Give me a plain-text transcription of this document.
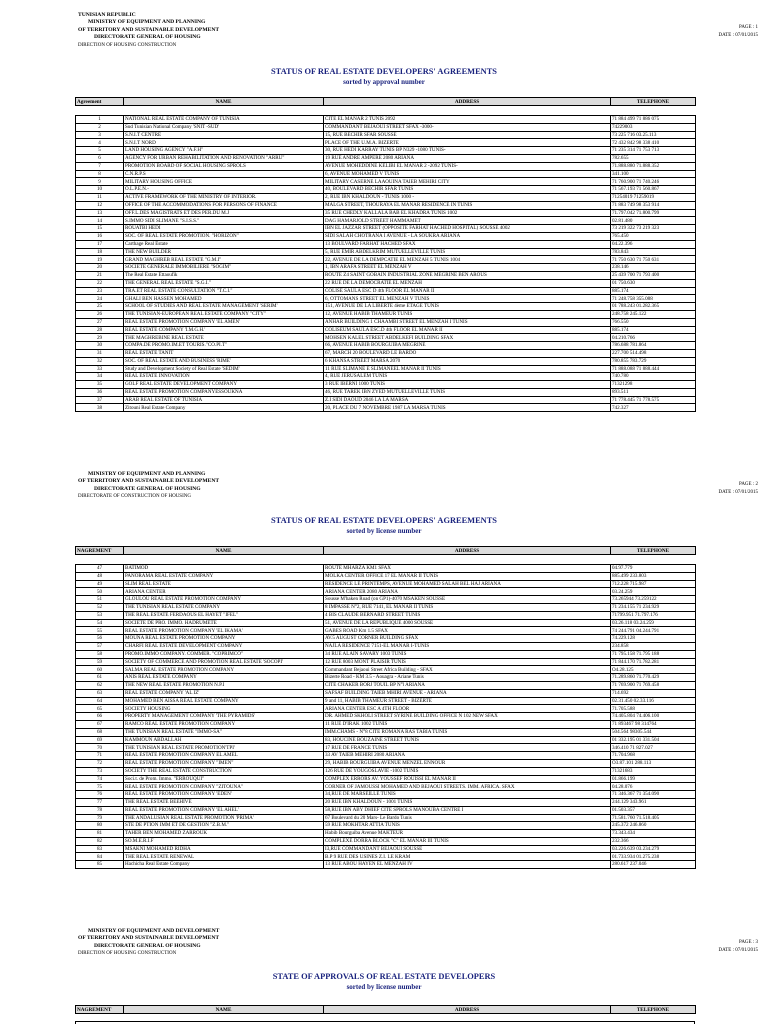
TUNISIAN REPUBLIC
MINISTRY OF EQUIPMENT AND PLANNING
OF TERRITORY AND SUSTAINABLE DEVELOPMENT
DIRECTORATE GENERAL OF HOUSING
DIRECTION OF HOUSING CONSTRUCTION
PAGE : 1
DATE : 07/01/2015
STATUS OF REAL ESTATE DEVELOPERS' AGREEMENTS
sorted by approval number
Agreement	NAME	ADDRESS	TELEPHONE
1	NATIONAL REAL ESTATE COMPANY OF TUNISIA	CITE EL MANAR 2 TUNIS 2092	71 884 499 71 886 075
2	Sud Tunisian National Company 'SNIT -SUD'	COMMANDANT BEJAOUI STREET SFAX -3000-	74229003
3	S.N.I.T CENTRE	15, RUE BECHIR SFAR SOUSSE	73 225 716 03.25.113
4	S.N.I.T NORD	PLACE OF THE U.M.A. BIZERTE	72 432 842 98 338 410
5	LAND HOUSING AGENCY "A.F.H"	30, RUE HEDI KARRAY TUNIS BP N329 -1080 TUNIS-	71 235 314 71 753 713
6	AGENCY FOR URBAN REHABILITATION AND RENOVATION "ARRU"	19 RUE ANDRE AMPERE 2080 ARIANA	782.655
7	PROMOTION BOARD OF SOCIAL HOUSING SPROLS	AVENUE MOHEDDINE KELIBI EL MANAR 2 -2092 TUNIS-	71.888.880 71.888.352
8	C.N.R.P.S	6, AVENUE MOHAMED V TUNIS	341.100
9	MILITARY HOUSING OFFICE	MILITARY CASERNE LAAOUINA TAIEB MEHIRI CITY	71 760.900 71 740.246
10	O.L.P.E.N.-	40, BOULEVARD BECHIR SFAR TUNIS	71 567.193 71 560.867
11	ACTIVE FRAMEWORK OF THE MINISTRY OF INTERIOR.	2, RUE IBN KHALDOUN - TUNIS 1000 -	71254019 71259019
12	OFFICE OF THE ACCOMMODATIONS FOR PERSONS OF FINANCE	MALGA STREET, THOURAYA EL MANAR RESIDENCE IN TUNIS	71 883 749 98 353 914
13	OFF.L.DES MAGISTRATS ET DES PER.DU M.J	35 RUE CHEDLY KALLALA BAB EL KHADRA TUNIS 1002	71.797.042 71.800.799
14	S.IMMO SIDI SLIMANE "S.I.S.S."	DAG HAMARJOLD STREET HAMMAMET	02.81.480
15	ROUATBI HEDI	IBN EL JAZZAR STREET (OPPOSITE FARHAT HACHED HOSPITAL) SOUSSE 4002	73 219 322 73 219 323
16	SOC. OF REAL ESTATE PROMOTION. "HORIZON"	SIDI SALAH CHOTRANA I AVENUE - LA SOUKRA ARIANA	765.450
17	Carthage Real Estate	13 BOULVARD FARHAT HACHED SFAX	04.22.396
18	THE NEW BUILDER	5, RUE EMIR ABDELKRIM MUTUELLEVILLE TUNIS	783.843
19	GRAND MAGHREB REAL ESTATE "G.M.I"	22, AVENUE DE LA DEMPCATIE EL MENZAH 5 TUNIS 1004	71 750 630 71 750 631
20	SOCIETE GENERALE IMMOBILIERE "SOGIM"	1, IBN ARAFA STREET EL MENZAH V	238.146
21	The Real Estate Ettaoufik	ROUTE Z4 SAINT GOBAIN INDUSTRIAL ZONE MEGRINE BEN AROUS	25 439 700 71 793 400
22	THE GENERAL REAL ESTATE "S.G.I."	22 RUE DE LA DEMOCRATIE EL MENZAH	01 750.630
23	TRA.ET REAL ESTATE CONSULTATION "T.C.I."	COLISE SAULA ESC D 4th FLOOR EL MANAR II	885.174
24	GHALI BEN HASSEN MOHAMED	6, OTTOMANS STREET EL MENZAH V TUNIS	71 248.758 355.088
25	SCHOOL OF STUDIES AND REAL ESTATE MANAGEMENT 'SERIM'	151, AVENUE DE LA LIBERTE 4ème ETAGE TUNIS	01 788.243 01.282.365
26	THE TUNISIAN-EUROPEAN REAL ESTATE COMPANY "CITY"	12, AVENUE HABIB THAMEUR TUNIS	248.758 245.122
27	REAL ESTATE PROMOTION COMPANY 'EL AMEN'	ANHAR BUILDING 1 CHAAMBI STREET EL MENZAH I TUNIS	766.550
28	REAL ESTATE COMPANY 'I.M.G.H.'	COLISEUM SAULA ESC.D 4th FLOOR EL MANAR II	885.174
29	THE MAGHREBINE REAL ESTATE	MOHSEN KALEL STREET ABDELKEFI BUILDING SFAX	04.210.766
30	COMPA.DE PROMO.IM.ET TOURIS."CO.PI.T"	66, AVENUE HABIB BOURGUIBA MEGRINE	786.688 781.864
31	REAL ESTATE TANIT	67, MARCH 20 BOULEVARD LE BARDO	227.700 514.498
32	SOC. OF REAL ESTATE AND BUSINESS 'RIME'	6 KHANSA STREET MARSA 2070	780.855 783.729
33	Study and Development Society of Real Estate 'SEDIM'	11 RUE SLIMANE E SLIMANEEL MANAR II TUNIS	71 888.088 71 888.444
34	REAL ESTATE INNOVATION	4, RUE JERUSALEM TUNIS	740.780
35	GOLF REAL ESTATE DEVELOPMENT COMPANY	3 RUE IBERNI 1000 TUNIS	71321298
36	REAL ESTATE PROMOTION COMPANYESSOUKNA	46, RUE TAREK IBN ZYED MUTUELLEVILLE TUNIS	893.511
37	ARAB REAL ESTATE OF TUNISIA	Z.I SIDI DAOUD 2046 LA LA MARSA	71 778.445 71 778.575
38	Zitouni Real Estate Company	20, PLACE DU 7 NOVEMBRE 1987 LA MARSA TUNIS	742.327
MINISTRY OF EQUIPMENT AND PLANNING
OF TERRITORY AND SUSTAINABLE DEVELOPMENT
DIRECTORATE GENERAL OF HOUSING
DIRECTORATE OF CONSTRUCTION OF HOUSING
PAGE : 2
DATE : 07/01/2015
STATUS OF REAL ESTATE DEVELOPERS' AGREEMENTS
sorted by license number
NAGREMENT	NAME	ADDRESS	TELEPHONE
47	BATIMOD	ROUTE MHARZA KM1 SFAX	04.97.779
48	PANORAMA REAL ESTATE COMPANY	MOLKA CENTER OFFICE 17 EL MANAR II TUNIS	885.499 233.803
49	SLIM REAL ESTATE	RESIDENCE LE PRINTEMPS, AVENUE MOHAMED SALAH BEL HAJ ARIANA	712.228 715.987
50	ARIANA CENTER	ARIANA CENTER 2080 ARIANA	03.24.259
51	GLOULOU REAL ESTATE PROMOTION COMPANY	Sousse M'haken Road (on GP1)-4070 MSAKEN SOUSSE	73.265944 73.259122
52	THE TUNISIAN REAL ESTATE COMPANY	8 IMPASSE N°2, RUE 7141, EL MANAR II TUNIS	71 234.155 71 234.929
53	THE REAL ESTATE FERDAOUS EL HAYET "IFEL"	4 BIS CLAUDE BERNARD STREET TUNIS	71799.951 71.797.176
54	SOCIETE DE PRO. IMMO. HADRUMETE	51, AVENUE DE LA REPUBLIQUE 4000 SOUSSE	03.26.118 03.24.259
55	REAL ESTATE PROMOTION COMPANY 'EL IKAMA'	GABES ROAD Km 1.5 SFAX	74 244.791 04.244.791
56	MOUNA REAL ESTATE PROMOTION COMPANY	AV.5 AUGUST CORNER BUILDING SFAX	74.229.128
57	CHARFI REAL ESTATE DEVELOPMENT COMPANY	NAJLA RESIDENCE 7151-EL MANAR I-TUNIS	234.858
58	PROMO.IMMO COMPANY. COMMER. "COPRIMCO"	34 RUE ALAIN SAVARY 1003 TUNIS	71 795.158 71.795 188
59	SOCIETY OF COMMERCE AND PROMOTION REAL ESTATE 'SOCOPI'	12 RUE 8003 MONT PLAISIR TUNIS	71 844.170 71.782.281
60	SALMA REAL ESTATE PROMOTION COMPANY	Commandant Bejaoui Street Africa Building - SFAX	O4.28.125
61	ANIS REAL ESTATE COMPANY	Bizerte Road - KM 3.5 - Aouagra - Ariane Tunis	71.289.860 71.770.429
62	THE NEW REAL ESTATE PROMOTION N.P.I	CITE CHAKER BORJ TOUIL BP N°l ARIANA	71 769.900 71 769.458
63	REAL ESTATE COMPANY 'AL IZ'	SAFSAF BUILDING TAIEB MHIRI AVENUE - ARIANA	714.692
64	MOHAMED BEN AISSA REAL ESTATE COMPANY	9 and 11, HABIB THAMEUR STREET - BIZERTE	02.31.450 02.33.116
65	SOCIETY HOUSING	ARIANA CENTER ESC A 4TH FLOOR	71.705.588
66	PROPERTY MANAGEMENT COMPANY 'THE PYRAMIDS'	DR. AHMED SKHOLI STREET SYRINE BUILDING OFFICE N 102 NEW SFAX	74.405.804 74.406.100
67	RAMCO REAL ESTATE PROMOTION COMPANY	11 RUE D'IRAK 1002 TUNIS	71 893467 98 314764
68	THE TUNISIAN REAL ESTATE "IMMO-SA"	IMM.CHAMS - N°8 CITE ROMANA RAS TABIA TUNIS	504.564 98305.544
69	KAMMOUN ABDALLAH	83, HOUCINE BOUZAINE STREET TUNIS	01 332.195 01 331.504
70	THE TUNISIAN REAL ESTATE PROMOTION'TPI'	17 RUE DE FRANCE TUNIS	346.410 71 827.027
71	REAL ESTATE PROMOTION COMPANY EL AMEL	33 AV TAIEB MEHIRI 2080 ARIANA	71.704.968
72	REAL ESTATE PROMOTION COMPANY "IMEN"	29, HABIB BOURGUIBA AVENUE MENZEL ENNOUR	O3.87.101 288.113
73	SOCIETY THE REAL ESTATE CONSTRUCTION	126 RUE DE YOUGOSLAVIE -1002 TUNIS	71321683
74	Soci.t. de Prom. Immo. "ERROUQUI"	COMPLEX ERRORS AV. YOUSSEF ROUISSI EL MANAR II	01.866.199
75	REAL ESTATE PROMOTION COMPANY "ZITOUNA"	CORNER OF JAMOUSSI MOHAMED AND BEJAOUI STREETS. IMM. AFRICA. SFAX	04.28.076
76	REAL ESTATE PROMOTION COMPANY 'EDEN'	34,RUE DE MARSEILLE TUNIS	71 346.367 71 354.090
77	THE REAL ESTATE BEEHIVE	20 RUE IBN KHALDOUN - 1001 TUNIS	244.129 343.961
78	REAL ESTATE PROMOTION COMPANY 'EL AHEL'	58,RUE IBN ABY DHIEF CITE SPROLS MANOUBA CENTRE I	01.503.357
79	THE ANDALUSIAN REAL ESTATE PROMOTION 'PRIMA'	67 Boulevard du 20 Mars- Le Bardo Tunis	71.581.760 71.518.405
80	STE DE PTION IMM ET DE GESTION "Z.B.M."	59 RUE MOKHTAR ATTIA TUNIS	245.372 246.860
81	TAHER BEN MOHAMED ZARROUK	Habib Bourguiba Avenue MAKTEUR	73.343.434
82	SO.M.E.R.I.F	COMPLEXE DORRA BLOCK "C" EL MANAR III TUNIS	232.366
83	MSAKNI MOHAMED RIDHA	I3,RUE COMMANDANT BEJAOUI SOUSSE	03.226.639 03.234.279
84	THE REAL ESTATE RENEWAL	B.P 9 RUE DES USINES Z.I. LE KRAM	01.733.934 01.275.238
85	Hachicha Real Estate Company	13 RUE ABOU HAYEN EL MENZAH IV	280.617 237.046
MINISTRY OF EQUIPMENT AND DEVELOPMENT
OF TERRITORY AND SUSTAINABLE DEVELOPMENT
DIRECTORATE GENERAL OF HOUSING
DIRECTION OF HOUSING CONSTRUCTION
PAGE : 3
DATE : 07/01/2015
STATE OF APPROVALS OF REAL ESTATE DEVELOPERS
sorted by license number
NAGREMENT	NAME	ADDRESS	TELEPHONE
